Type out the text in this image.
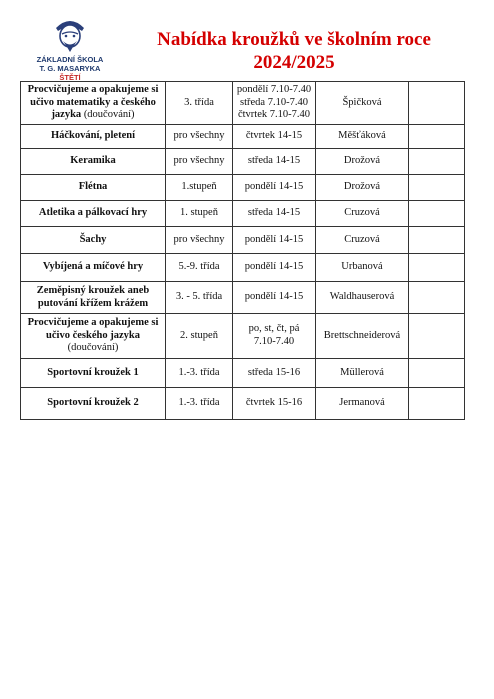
ZÁKLADNÍ ŠKOLA
T. G. MASARYKA
ŠTĚTÍ
Nabídka kroužků ve školním roce
2024/2025
Procvičujeme a opakujeme si učivo matematiky a českého jazyka (doučování)	3. třída	pondělí 7.10-7.40
středa 7.10-7.40
čtvrtek 7.10-7.40	Špičková	
Háčkování, pletení	pro všechny	čtvrtek 14-15	Měšťáková	
Keramika	pro všechny	středa 14-15	Drožová	
Flétna	1.stupeň	pondělí 14-15	Drožová	
Atletika a pálkovací hry	1. stupeň	středa 14-15	Cruzová	
Šachy	pro všechny	pondělí 14-15	Cruzová	
Vybíjená a míčové hry	5.-9. třída	pondělí 14-15	Urbanová	
Zeměpisný kroužek aneb putování křížem krážem	3. - 5. třída	pondělí 14-15	Waldhauserová	
Procvičujeme a opakujeme si učivo českého jazyka (doučování)	2. stupeň	po, st, čt, pá
7.10-7.40	Brettschneiderová	
Sportovní kroužek 1	1.-3. třída	středa 15-16	Müllerová	
Sportovní kroužek 2	1.-3. třída	čtvrtek 15-16	Jermanová	
